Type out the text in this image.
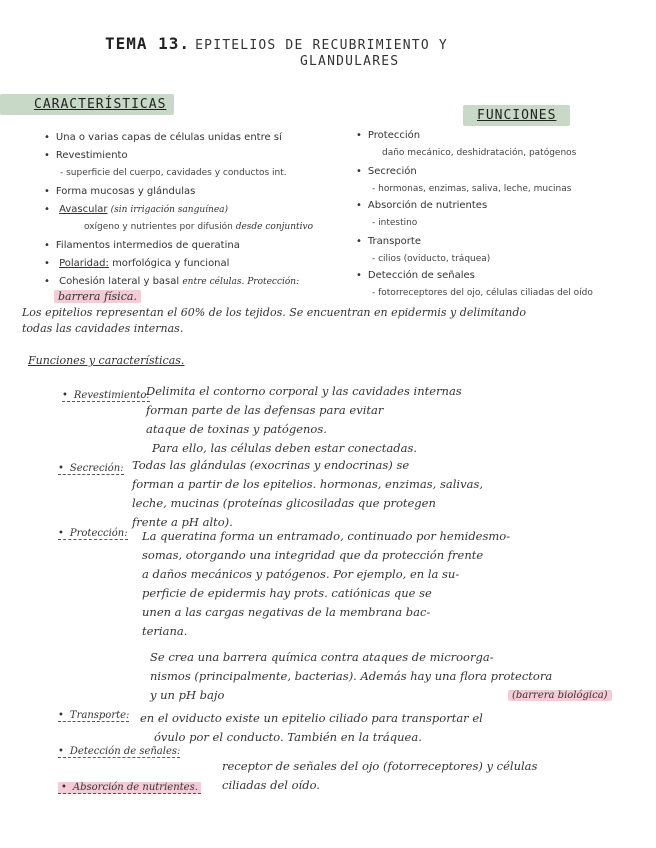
TEMA 13. EPITELIOS DE RECUBRIMIENTO Y
GLANDULARES
CARACTERÍSTICAS
FUNCIONES
• Una o varias capas de células unidas entre sí
• Revestimiento
- superficie del cuerpo, cavidades y conductos int.
• Forma mucosas y glándulas
• Avascular (sin irrigación sanguínea)
oxígeno y nutrientes por difusión desde conjuntivo
• Filamentos intermedios de queratina
• Polaridad: morfológica y funcional
• Cohesión lateral y basal entre células. Protección:
barrera física.
• Protección
daño mecánico, deshidratación, patógenos
• Secreción
- hormonas, enzimas, saliva, leche, mucinas
• Absorción de nutrientes
- intestino
• Transporte
- cilios (oviducto, tráquea)
• Detección de señales
- fotorreceptores del ojo, células ciliadas del oído
Los epitelios representan el 60% de los tejidos. Se encuentran en epidermis y delimitando
todas las cavidades internas.
Funciones y características.
• Revestimiento:
Delimita el contorno corporal y las cavidades internas
forman parte de las defensas para evitar
ataque de toxinas y patógenos.
Para ello, las células deben estar conectadas.
• Secreción: Todas las glándulas (exocrinas y endocrinas) se
forman a partir de los epitelios. hormonas, enzimas, salivas,
leche, mucinas (proteínas glicosiladas que protegen
frente a pH alto).
• Protección: La queratina forma un entramado, continuado por hemidesmo-
somas, otorgando una integridad que da protección frente
a daños mecánicos y patógenos. Por ejemplo, en la su-
perficie de epidermis hay prots. catiónicas que se
unen a las cargas negativas de la membrana bac-
teriana.
Se crea una barrera química contra ataques de microorga-
nismos (principalmente, bacterias). Además hay una flora protectora
y un pH bajo	(barrera biológica)
• Transporte: en el oviducto existe un epitelio ciliado para transportar el
óvulo por el conducto. También en la tráquea.
• Detección de señales:
receptor de señales del ojo (fotorreceptores) y células
ciliadas del oído.
• Absorción de nutrientes.
